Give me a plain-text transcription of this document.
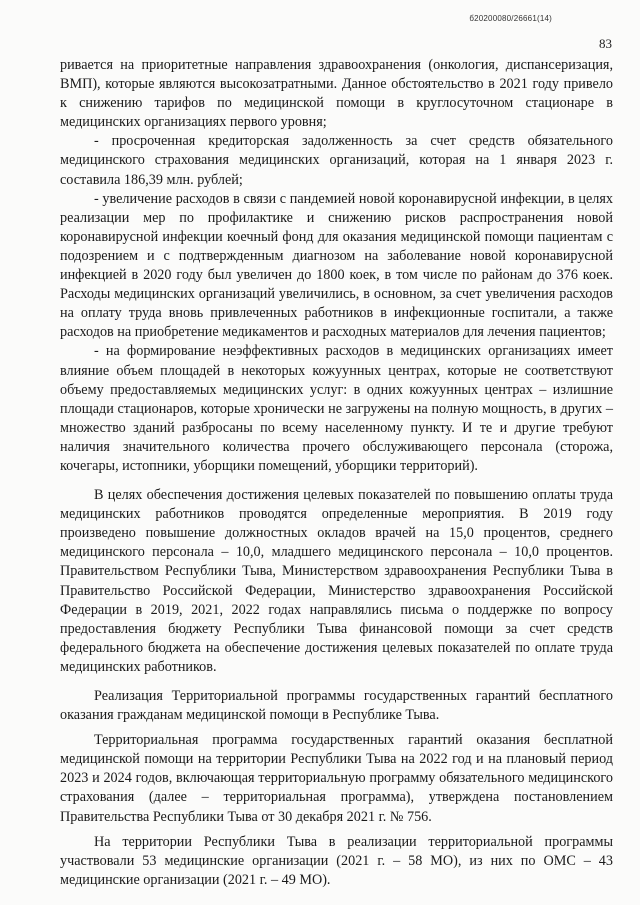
б20200080/26661(14)
83

ривается на приоритетные направления здравоохранения (онкология, диспансеризация, ВМП), которые являются высокозатратными. Данное обстоятельство в 2021 году привело к снижению тарифов по медицинской помощи в круглосуточном стационаре в медицинских организациях первого уровня;

- просроченная кредиторская задолженность за счет средств обязательного медицинского страхования медицинских организаций, которая на 1 января 2023 г. составила 186,39 млн. рублей;

- увеличение расходов в связи с пандемией новой коронавирусной инфекции, в целях реализации мер по профилактике и снижению рисков распространения новой коронавирусной инфекции коечный фонд для оказания медицинской помощи пациентам с подозрением и с подтвержденным диагнозом на заболевание новой коронавирусной инфекцией в 2020 году был увеличен до 1800 коек, в том числе по районам до 376 коек. Расходы медицинских организаций увеличились, в основном, за счет увеличения расходов на оплату труда вновь привлеченных работников в инфекционные госпитали, а также расходов на приобретение медикаментов и расходных материалов для лечения пациентов;

- на формирование неэффективных расходов в медицинских организациях имеет влияние объем площадей в некоторых кожуунных центрах, которые не соответствуют объему предоставляемых медицинских услуг: в одних кожуунных центрах – излишние площади стационаров, которые хронически не загружены на полную мощность, в других – множество зданий разбросаны по всему населенному пункту. И те и другие требуют наличия значительного количества прочего обслуживающего персонала (сторожа, кочегары, истопники, уборщики помещений, уборщики территорий).

В целях обеспечения достижения целевых показателей по повышению оплаты труда медицинских работников проводятся определенные мероприятия. В 2019 году произведено повышение должностных окладов врачей на 15,0 процентов, среднего медицинского персонала – 10,0, младшего медицинского персонала – 10,0 процентов. Правительством Республики Тыва, Министерством здравоохранения Республики Тыва в Правительство Российской Федерации, Министерство здравоохранения Российской Федерации в 2019, 2021, 2022 годах направлялись письма о поддержке по вопросу предоставления бюджету Республики Тыва финансовой помощи за счет средств федерального бюджета на обеспечение достижения целевых показателей по оплате труда медицинских работников.

Реализация Территориальной программы государственных гарантий бесплатного оказания гражданам медицинской помощи в Республике Тыва.

Территориальная программа государственных гарантий оказания бесплатной медицинской помощи на территории Республики Тыва на 2022 год и на плановый период 2023 и 2024 годов, включающая территориальную программу обязательного медицинского страхования (далее – территориальная программа), утверждена постановлением Правительства Республики Тыва от 30 декабря 2021 г. № 756.

На территории Республики Тыва в реализации территориальной программы участвовали 53 медицинские организации (2021 г. – 58 МО), из них по ОМС – 43 медицинские организации (2021 г. – 49 МО).
